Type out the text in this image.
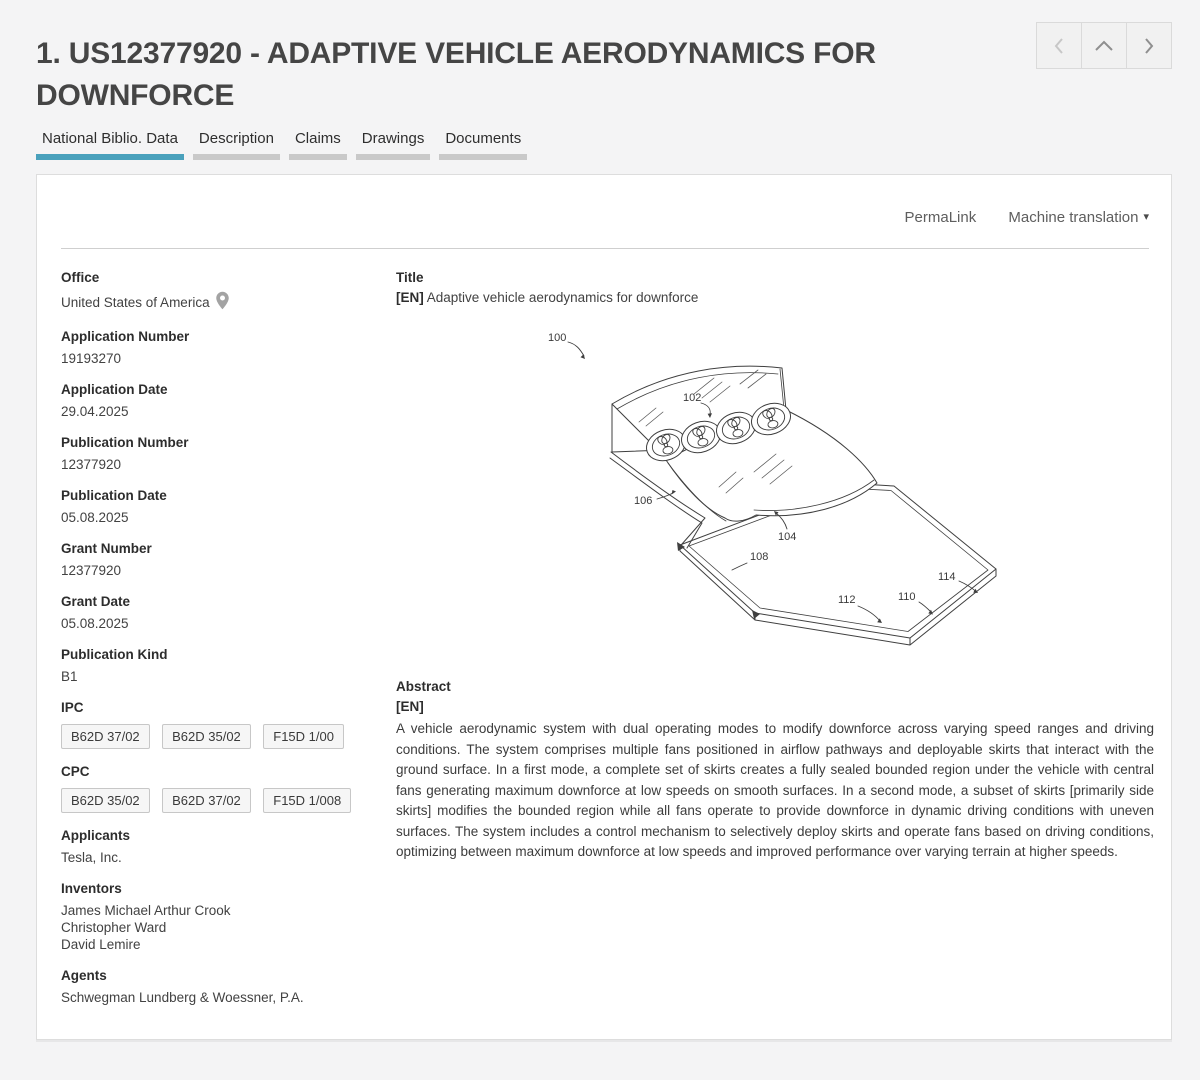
1. US12377920 - ADAPTIVE VEHICLE AERODYNAMICS FOR DOWNFORCE
National Biblio. Data	Description	Claims	Drawings	Documents
PermaLink
Machine translation ▾
Office
United States of America
Application Number
19193270
Application Date
29.04.2025
Publication Number
12377920
Publication Date
05.08.2025
Grant Number
12377920
Grant Date
05.08.2025
Publication Kind
B1
IPC
B62D 37/02 B62D 35/02 F15D 1/00
CPC
B62D 35/02 B62D 37/02 F15D 1/008
Applicants
Tesla, Inc.
Inventors
James Michael Arthur Crook
Christopher Ward
David Lemire
Agents
Schwegman Lundberg & Woessner, P.A.
Title
[EN] Adaptive vehicle aerodynamics for downforce
100
102
104
106
108
110
112
114
Abstract
[EN]
A vehicle aerodynamic system with dual operating modes to modify downforce across varying speed ranges and driving conditions. The system comprises multiple fans positioned in airflow pathways and deployable skirts that interact with the ground surface. In a first mode, a complete set of skirts creates a fully sealed bounded region under the vehicle with central fans generating maximum downforce at low speeds on smooth surfaces. In a second mode, a subset of skirts [primarily side skirts] modifies the bounded region while all fans operate to provide downforce in dynamic driving conditions with uneven surfaces. The system includes a control mechanism to selectively deploy skirts and operate fans based on driving conditions, optimizing between maximum downforce at low speeds and improved performance over varying terrain at higher speeds.
